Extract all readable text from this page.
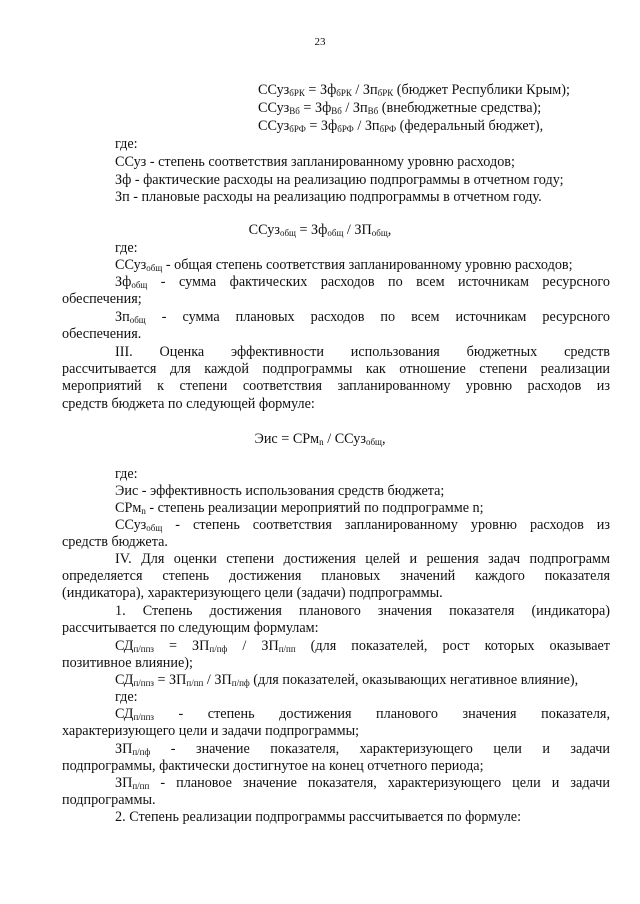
23
ССуз$_{бРК}$ = $Зф_{бРК} / Зп_{бРК}$ (бюджет Республики Крым);
ССуз$_{Вб}$ = $Зф_{Вб} / Зп_{Вб}$ (внебюджетные средства);
ССуз$_{бРФ}$ = $Зф_{бРФ} / Зп_{бРФ}$ (федеральный бюджет),
где:
ССуз - степень соответствия запланированному уровню расходов;
Зф - фактические расходы на реализацию подпрограммы в отчетном году;
Зп - плановые расходы на реализацию подпрограммы в отчетном году.
ССуз$_{общ}$ = $Зф_{общ} / ЗП_{общ}$,
где:
ССуз$_{общ}$ - общая степень соответствия запланированному уровню расходов;
$Зф_{общ}$ - сумма фактических расходов по всем источникам ресурсного
обеспечения;
$Зп_{общ}$ - сумма плановых расходов по всем источникам ресурсного
обеспечения.
III. Оценка эффективности использования бюджетных средств
рассчитывается для каждой подпрограммы как отношение степени реализации
мероприятий к степени соответствия запланированному уровню расходов из
средств бюджета по следующей формуле:
Эис = СРм$_n$ / ССуз$_{общ}$,
где:
Эис - эффективность использования средств бюджета;
СРм$_n$ - степень реализации мероприятий по подпрограмме n;
ССуз$_{общ}$ - степень соответствия запланированному уровню расходов из
средств бюджета.
IV. Для оценки степени достижения целей и решения задач подпрограмм
определяется степень достижения плановых значений каждого показателя
(индикатора), характеризующего цели (задачи) подпрограммы.
1. Степень достижения планового значения показателя (индикатора)
рассчитывается по следующим формулам:
$СД_{п/ппз} = ЗП_{п/пф} / ЗП_{п/пп}$ (для показателей, рост которых оказывает
позитивное влияние);
$СД_{п/ппз} = ЗП_{п/пп} / ЗП_{п/пф}$ (для показателей, оказывающих негативное влияние),
где:
$СД_{п/ппз}$ - степень достижения планового значения показателя,
характеризующего цели и задачи подпрограммы;
$ЗП_{п/пф}$ - значение показателя, характеризующего цели и задачи
подпрограммы, фактически достигнутое на конец отчетного периода;
$ЗП_{п/пп}$ - плановое значение показателя, характеризующего цели и задачи
подпрограммы.
2. Степень реализации подпрограммы рассчитывается по формуле:
